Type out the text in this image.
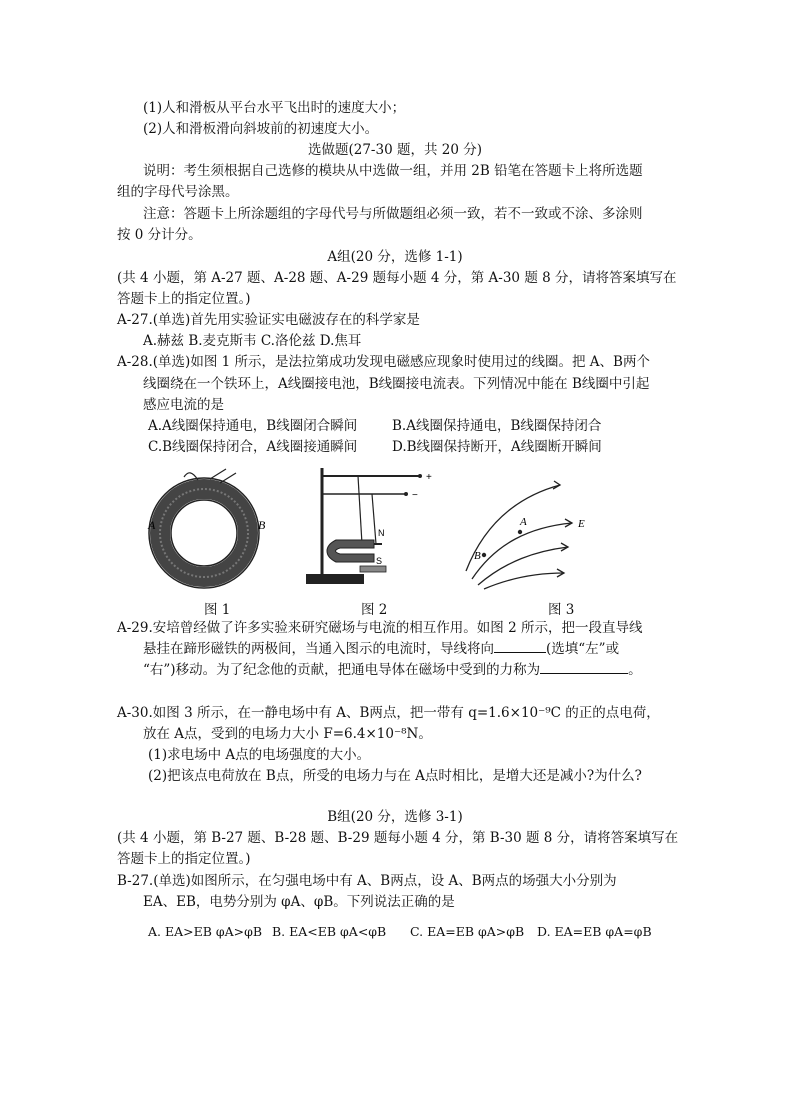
(1)人和滑板从平台水平飞出时的速度大小；
(2)人和滑板滑向斜坡前的初速度大小。
选做题(27-30 题，共 20 分)
说明：考生须根据自己选修的模块从中选做一组，并用 2B 铅笔在答题卡上将所选题
组的字母代号涂黑。
注意：答题卡上所涂题组的字母代号与所做题组必须一致，若不一致或不涂、多涂则
按 0 分计分。
A组(20 分，选修 1-1)
(共 4 小题，第 A-27 题、A-28 题、A-29 题每小题 4 分，第 A-30 题 8 分，请将答案填写在
答题卡上的指定位置。)
A-27.(单选)首先用实验证实电磁波存在的科学家是
A.赫兹 B.麦克斯韦 C.洛伦兹 D.焦耳
A-28.(单选)如图 1 所示，是法拉第成功发现电磁感应现象时使用过的线圈。把 A、B两个
线圈绕在一个铁环上，A线圈接电池，B线圈接电流表。下列情况中能在 B线圈中引起
感应电流的是
A.A线圈保持通电，B线圈闭合瞬间	B.A线圈保持通电，B线圈保持闭合
C.B线圈保持闭合，A线圈接通瞬间	D.B线圈保持断开，A线圈断开瞬间
A	B
+
−
N
S
A
B
E
图 1	图 2	图 3
A-29.安培曾经做了许多实验来研究磁场与电流的相互作用。如图 2 所示，把一段直导线
悬挂在蹄形磁铁的两极间，当通入图示的电流时，导线将向	(选填“左”或
“右”)移动。为了纪念他的贡献，把通电导体在磁场中受到的力称为	。
A-30.如图 3 所示，在一静电场中有 A、B两点，把一带有 q=1.6×10⁻⁹C 的正的点电荷，
放在 A点，受到的电场力大小 F=6.4×10⁻⁸N。
(1)求电场中 A点的电场强度的大小。
(2)把该点电荷放在 B点，所受的电场力与在 A点时相比，是增大还是减小?为什么?
B组(20 分，选修 3-1)
(共 4 小题，第 B-27 题、B-28 题、B-29 题每小题 4 分，第 B-30 题 8 分，请将答案填写在
答题卡上的指定位置。)
B-27.(单选)如图所示，在匀强电场中有 A、B两点，设 A、B两点的场强大小分别为
EA、EB，电势分别为 φA、φB。下列说法正确的是
A. EA>EB φA>φB B. EA<EB φA<φB C. EA=EB φA>φB D. EA=EB φA=φB
